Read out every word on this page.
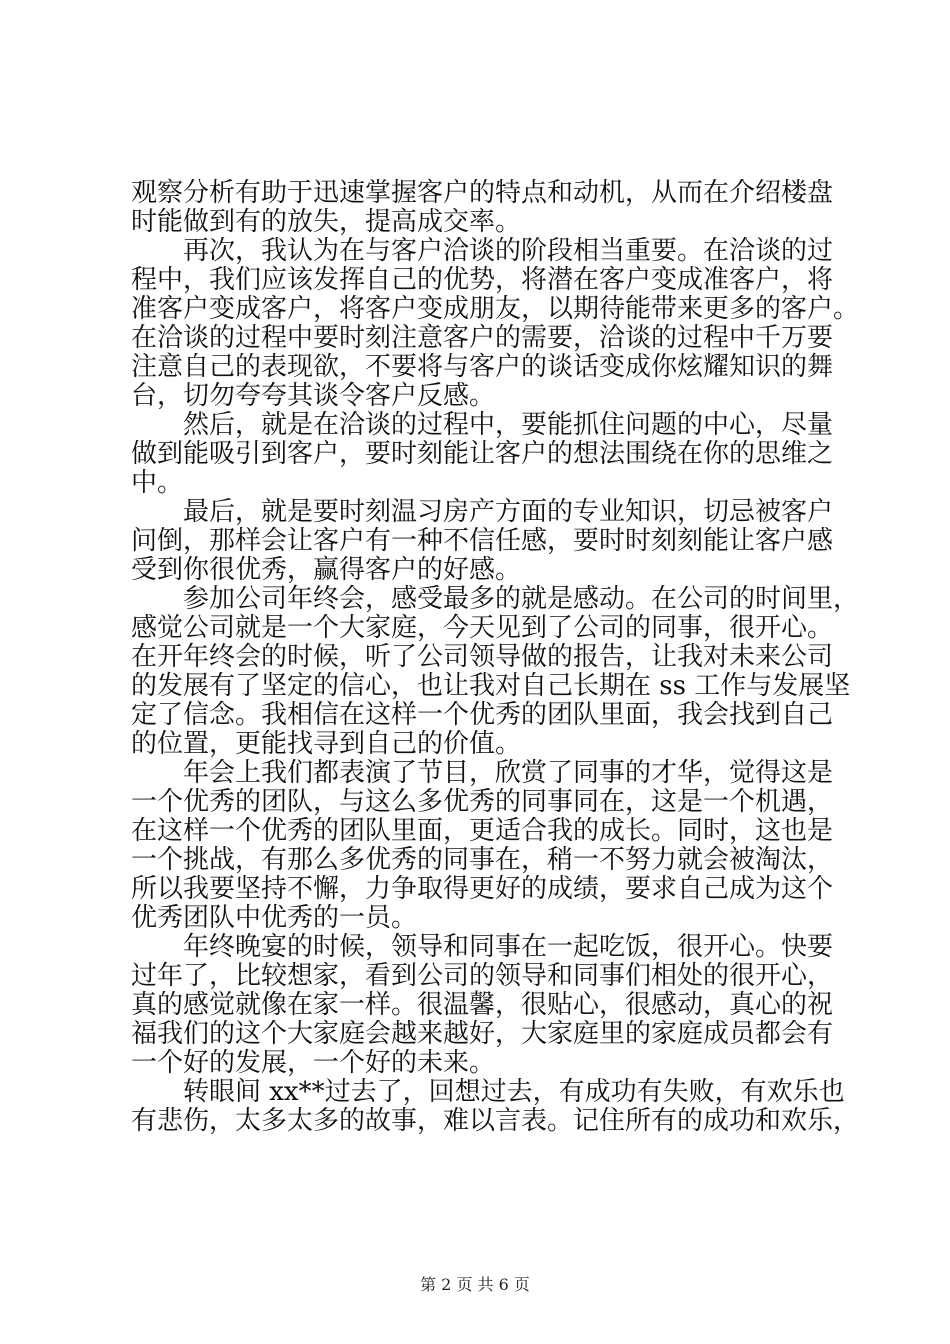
观察分析有助于迅速掌握客户的特点和动机，从而在介绍楼盘
时能做到有的放失，提高成交率。
再次，我认为在与客户洽谈的阶段相当重要。在洽谈的过
程中，我们应该发挥自己的优势，将潜在客户变成准客户，将
准客户变成客户，将客户变成朋友，以期待能带来更多的客户。
在洽谈的过程中要时刻注意客户的需要，洽谈的过程中千万要
注意自己的表现欲，不要将与客户的谈话变成你炫耀知识的舞
台，切勿夸夸其谈令客户反感。
然后，就是在洽谈的过程中，要能抓住问题的中心，尽量
做到能吸引到客户，要时刻能让客户的想法围绕在你的思维之
中。
最后，就是要时刻温习房产方面的专业知识，切忌被客户
问倒，那样会让客户有一种不信任感，要时时刻刻能让客户感
受到你很优秀，赢得客户的好感。
参加公司年终会，感受最多的就是感动。在公司的时间里，
感觉公司就是一个大家庭，今天见到了公司的同事，很开心。
在开年终会的时候，听了公司领导做的报告，让我对未来公司
的发展有了坚定的信心，也让我对自己长期在 ss 工作与发展坚
定了信念。我相信在这样一个优秀的团队里面，我会找到自己
的位置，更能找寻到自己的价值。
年会上我们都表演了节目，欣赏了同事的才华，觉得这是
一个优秀的团队，与这么多优秀的同事同在，这是一个机遇，
在这样一个优秀的团队里面，更适合我的成长。同时，这也是
一个挑战，有那么多优秀的同事在，稍一不努力就会被淘汰，
所以我要坚持不懈，力争取得更好的成绩，要求自己成为这个
优秀团队中优秀的一员。
年终晚宴的时候，领导和同事在一起吃饭，很开心。快要
过年了，比较想家，看到公司的领导和同事们相处的很开心，
真的感觉就像在家一样。很温馨，很贴心，很感动，真心的祝
福我们的这个大家庭会越来越好，大家庭里的家庭成员都会有
一个好的发展，一个好的未来。
转眼间 xx**过去了，回想过去，有成功有失败，有欢乐也
有悲伤，太多太多的故事，难以言表。记住所有的成功和欢乐，
第 2 页 共 6 页
